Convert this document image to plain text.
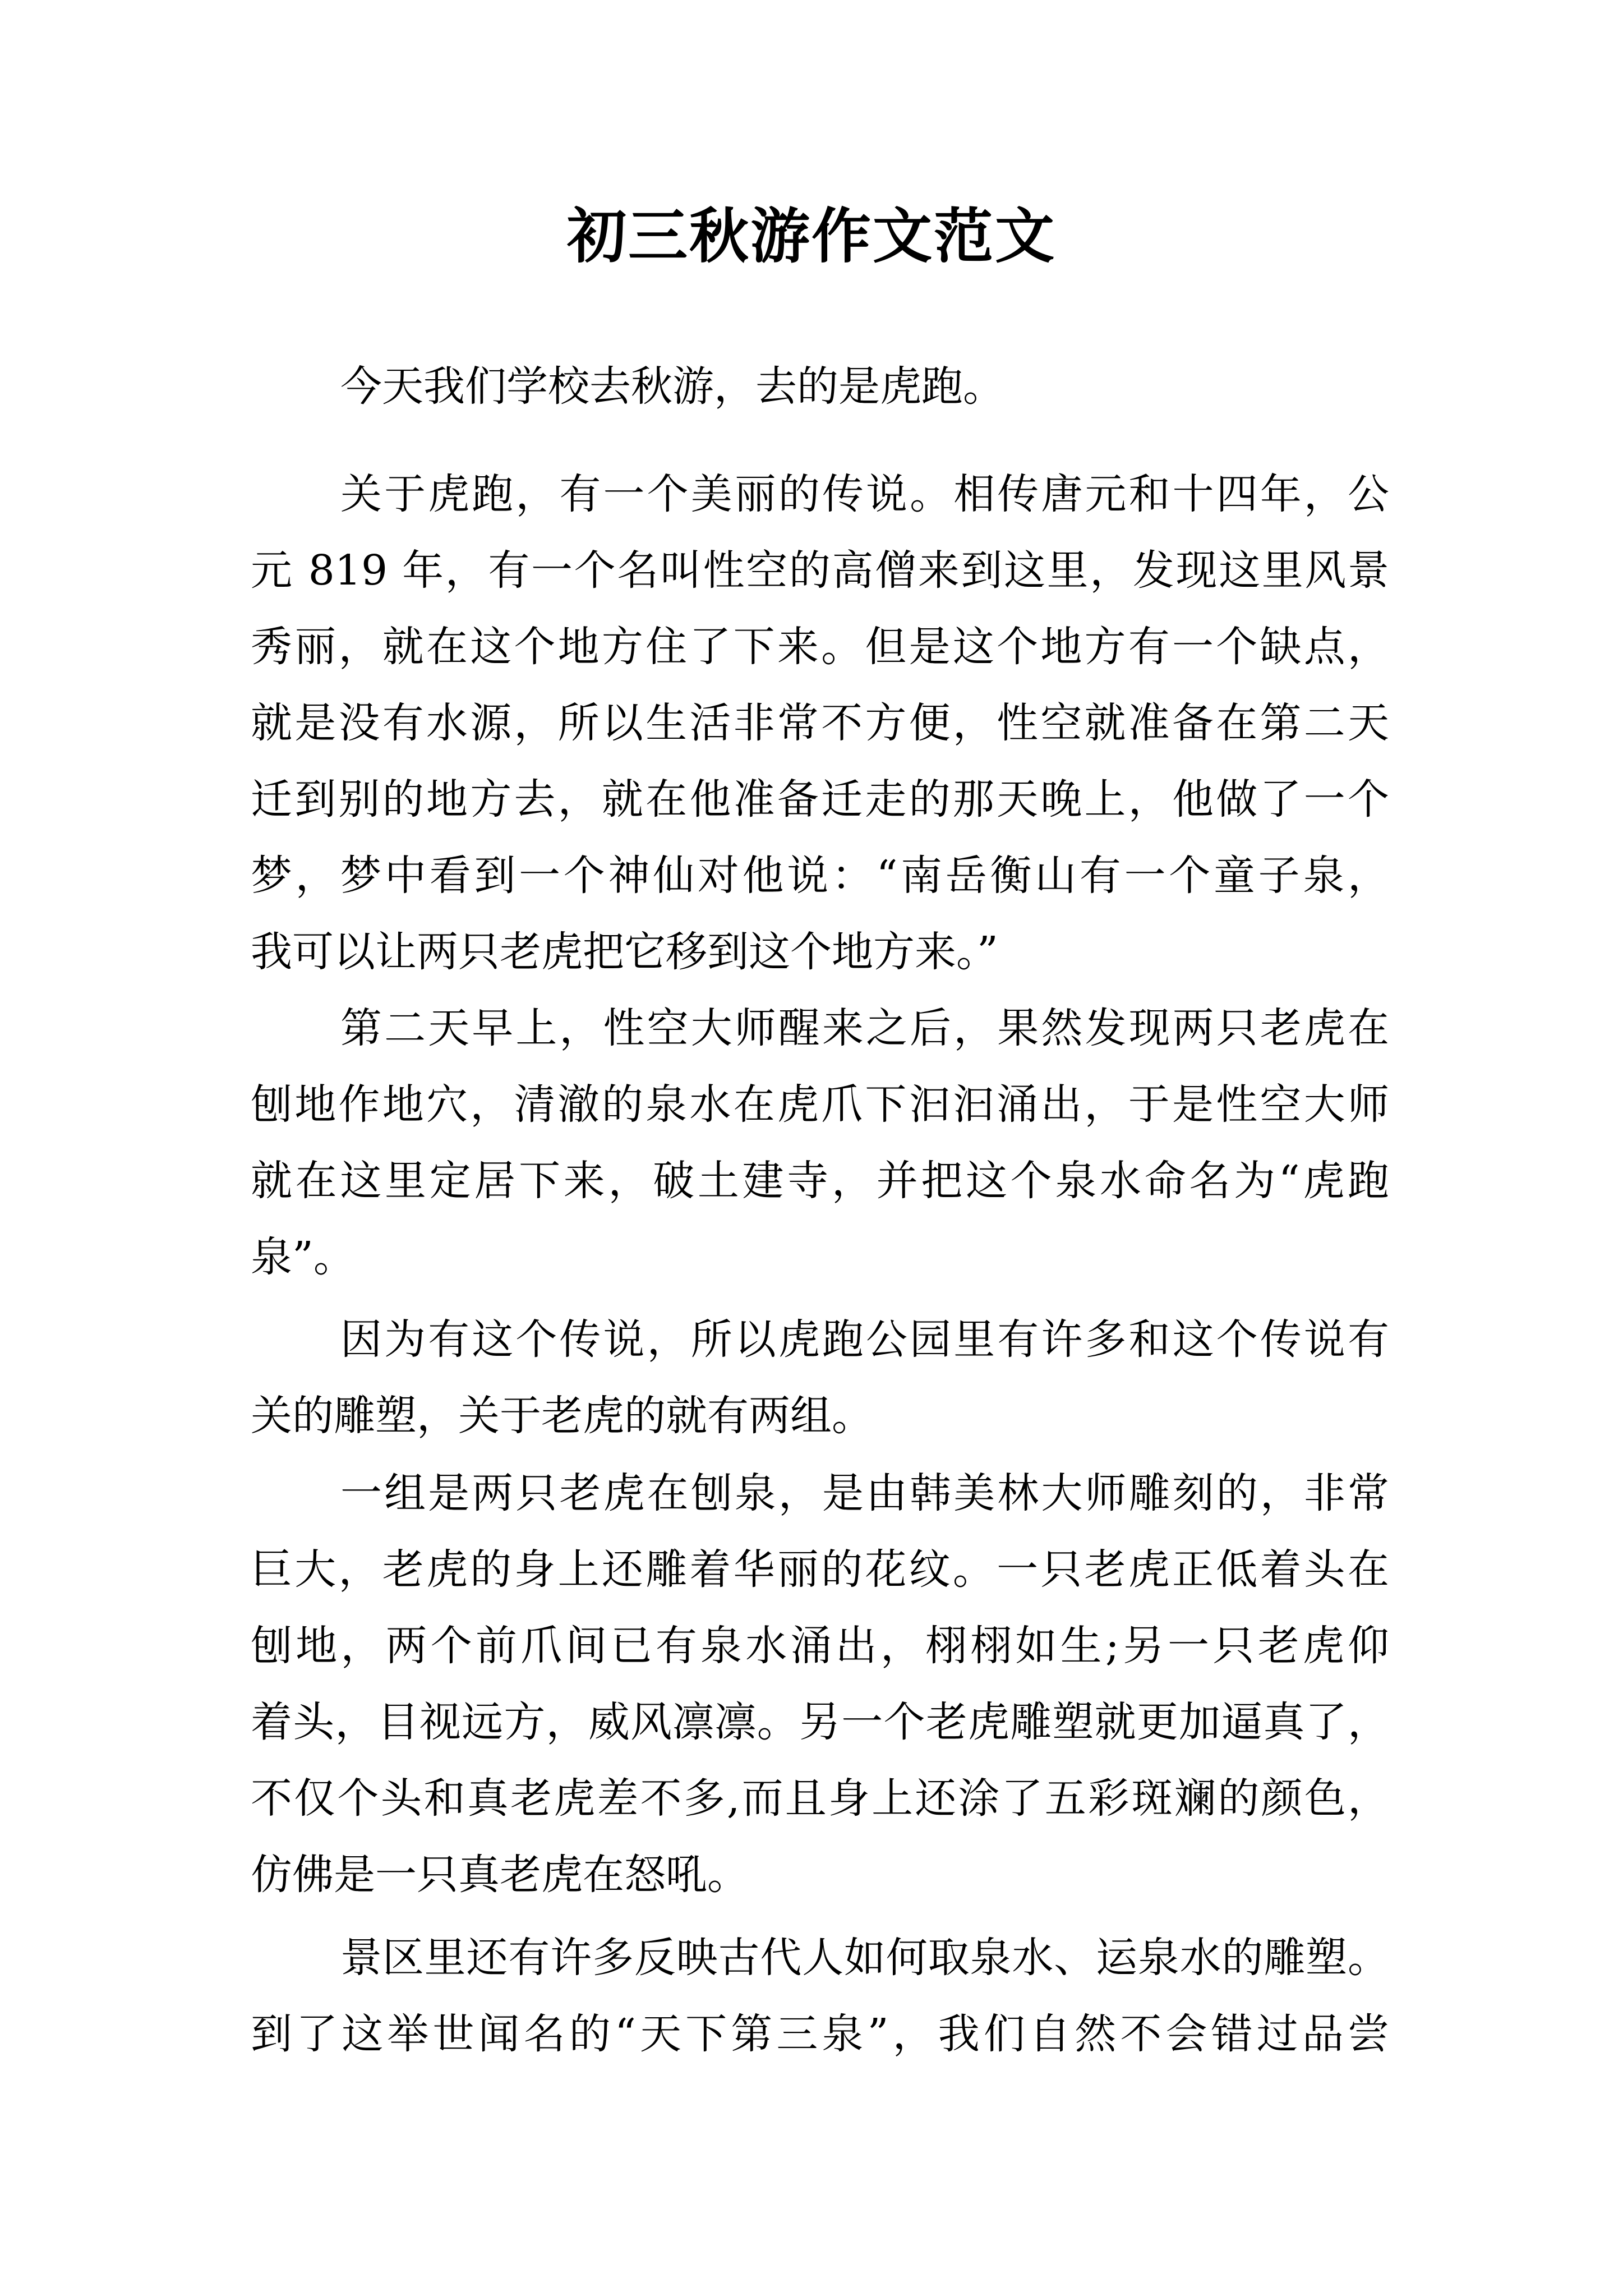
初三秋游作文范文
今天我们学校去秋游，去的是虎跑。
关于虎跑，有一个美丽的传说。相传唐元和十四年，公
元 819 年，有一个名叫性空的高僧来到这里，发现这里风景
秀丽，就在这个地方住了下来。但是这个地方有一个缺点，
就是没有水源，所以生活非常不方便，性空就准备在第二天
迁到别的地方去，就在他准备迁走的那天晚上，他做了一个
梦，梦中看到一个神仙对他说：“南岳衡山有一个童子泉，
我可以让两只老虎把它移到这个地方来。”
第二天早上，性空大师醒来之后，果然发现两只老虎在
刨地作地穴，清澈的泉水在虎爪下汩汩涌出，于是性空大师
就在这里定居下来，破土建寺，并把这个泉水命名为“虎跑
泉”。
因为有这个传说，所以虎跑公园里有许多和这个传说有
关的雕塑，关于老虎的就有两组。
一组是两只老虎在刨泉，是由韩美林大师雕刻的，非常
巨大，老虎的身上还雕着华丽的花纹。一只老虎正低着头在
刨地，两个前爪间已有泉水涌出，栩栩如生;另一只老虎仰
着头，目视远方，威风凛凛。另一个老虎雕塑就更加逼真了，
不仅个头和真老虎差不多,而且身上还涂了五彩斑斓的颜色，
仿佛是一只真老虎在怒吼。
景区里还有许多反映古代人如何取泉水、运泉水的雕塑。
到了这举世闻名的“天下第三泉”，我们自然不会错过品尝
